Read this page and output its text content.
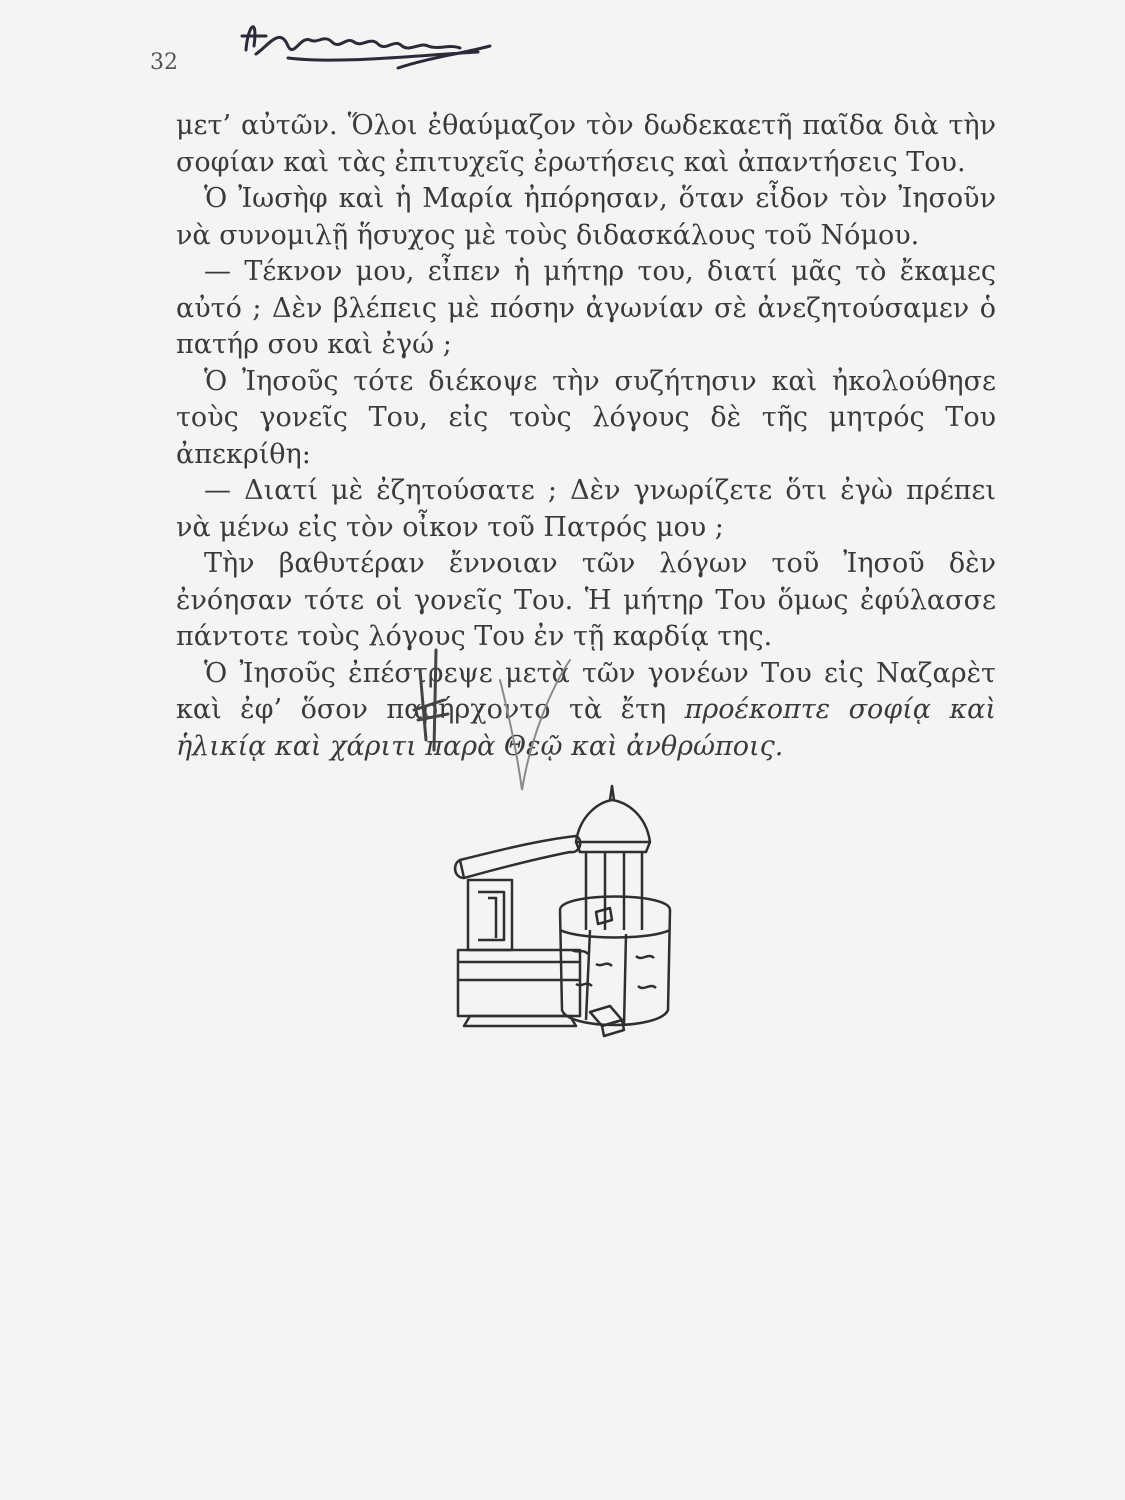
32

μετ’ αὐτῶν. Ὅλοι ἐθαύμαζον τὸν δωδεκαετῆ παῖδα διὰ τὴν σοφίαν καὶ τὰς ἐπιτυχεῖς ἐρωτήσεις καὶ ἀπαντήσεις Του.

Ὁ Ἰωσὴφ καὶ ἡ Μαρία ἠπόρησαν, ὅταν εἶδον τὸν Ἰησοῦν νὰ συνομιλῇ ἥσυχος μὲ τοὺς διδασκάλους τοῦ Νόμου.

— Τέκνον μου, εἶπεν ἡ μήτηρ του, διατί μᾶς τὸ ἔκαμες αὐτό ; Δὲν βλέπεις μὲ πόσην ἀγωνίαν σὲ ἀνεζητούσαμεν ὁ πατήρ σου καὶ ἐγώ ;

Ὁ Ἰησοῦς τότε διέκοψε τὴν συζήτησιν καὶ ἠκολούθησε τοὺς γονεῖς Του, εἰς τοὺς λόγους δὲ τῆς μητρός Του ἀπεκρίθη:

— Διατί μὲ ἐζητούσατε ; Δὲν γνωρίζετε ὅτι ἐγὼ πρέπει νὰ μένω εἰς τὸν οἶκον τοῦ Πατρός μου ;

Τὴν βαθυτέραν ἔννοιαν τῶν λόγων τοῦ Ἰησοῦ δὲν ἐνόησαν τότε οἱ γονεῖς Του. Ἡ μήτηρ Του ὅμως ἐφύλασσε πάντοτε τοὺς λόγους Του ἐν τῇ καρδίᾳ της.

Ὁ Ἰησοῦς ἐπέστρεψε μετὰ τῶν γονέων Του εἰς Ναζαρὲτ καὶ ἐφ’ ὅσον παρήρχοντο τὰ ἔτη προέκοπτε σοφίᾳ καὶ ἡλικίᾳ καὶ χάριτι παρὰ Θεῷ καὶ ἀνθρώποις.
